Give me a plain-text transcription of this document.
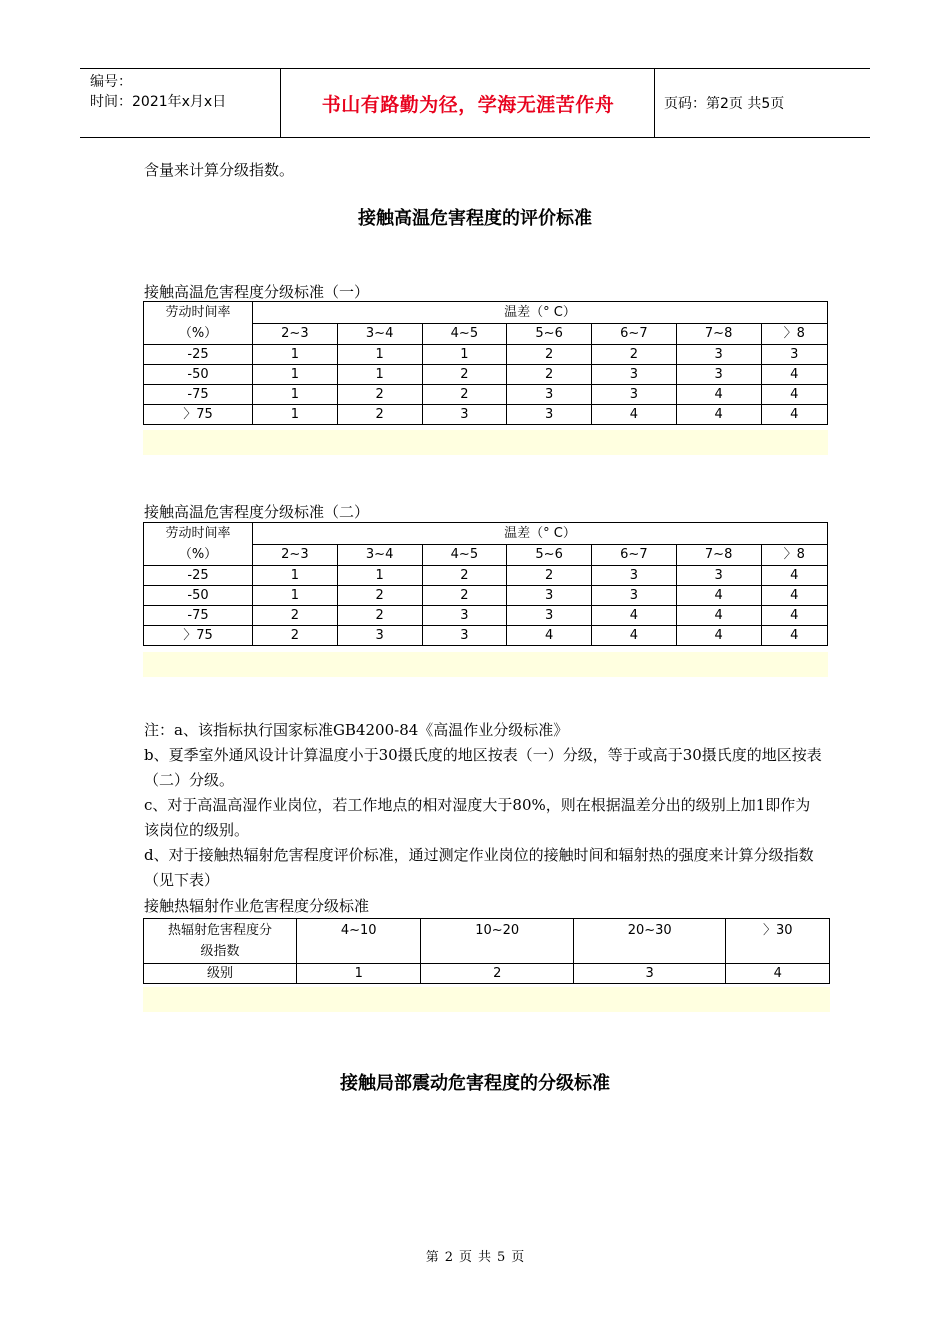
编号：
时间：2021年x月x日	书山有路勤为径，学海无涯苦作舟	页码：第2页 共5页
含量来计算分级指数。
接触高温危害程度的评价标准
接触高温危害程度分级标准（一）
劳动时间率
（%）	温差（° C）						
	2~3	3~4	4~5	5~6	6~7	7~8	〉8
-25	1	1	1	2	2	3	3
-50	1	1	2	2	3	3	4
-75	1	2	2	3	3	4	4
〉75	1	2	3	3	4	4	4
接触高温危害程度分级标准（二）
劳动时间率
（%）	温差（° C）						
	2~3	3~4	4~5	5~6	6~7	7~8	〉8
-25	1	1	2	2	3	3	4
-50	1	2	2	3	3	4	4
-75	2	2	3	3	4	4	4
〉75	2	3	3	4	4	4	4
注：a、该指标执行国家标准GB4200-84《高温作业分级标准》
b、夏季室外通风设计计算温度小于30摄氏度的地区按表（一）分级，等于或高于30摄氏度的地区按表（二）分级。
c、对于高温高湿作业岗位，若工作地点的相对湿度大于80%，则在根据温差分出的级别上加1即作为该岗位的级别。
d、对于接触热辐射危害程度评价标准，通过测定作业岗位的接触时间和辐射热的强度来计算分级指数（见下表）
接触热辐射作业危害程度分级标准
热辐射危害程度分
级指数	4~10	10~20	20~30	〉30
级别	1	2	3	4
接触局部震动危害程度的分级标准
第 2 页 共 5 页
